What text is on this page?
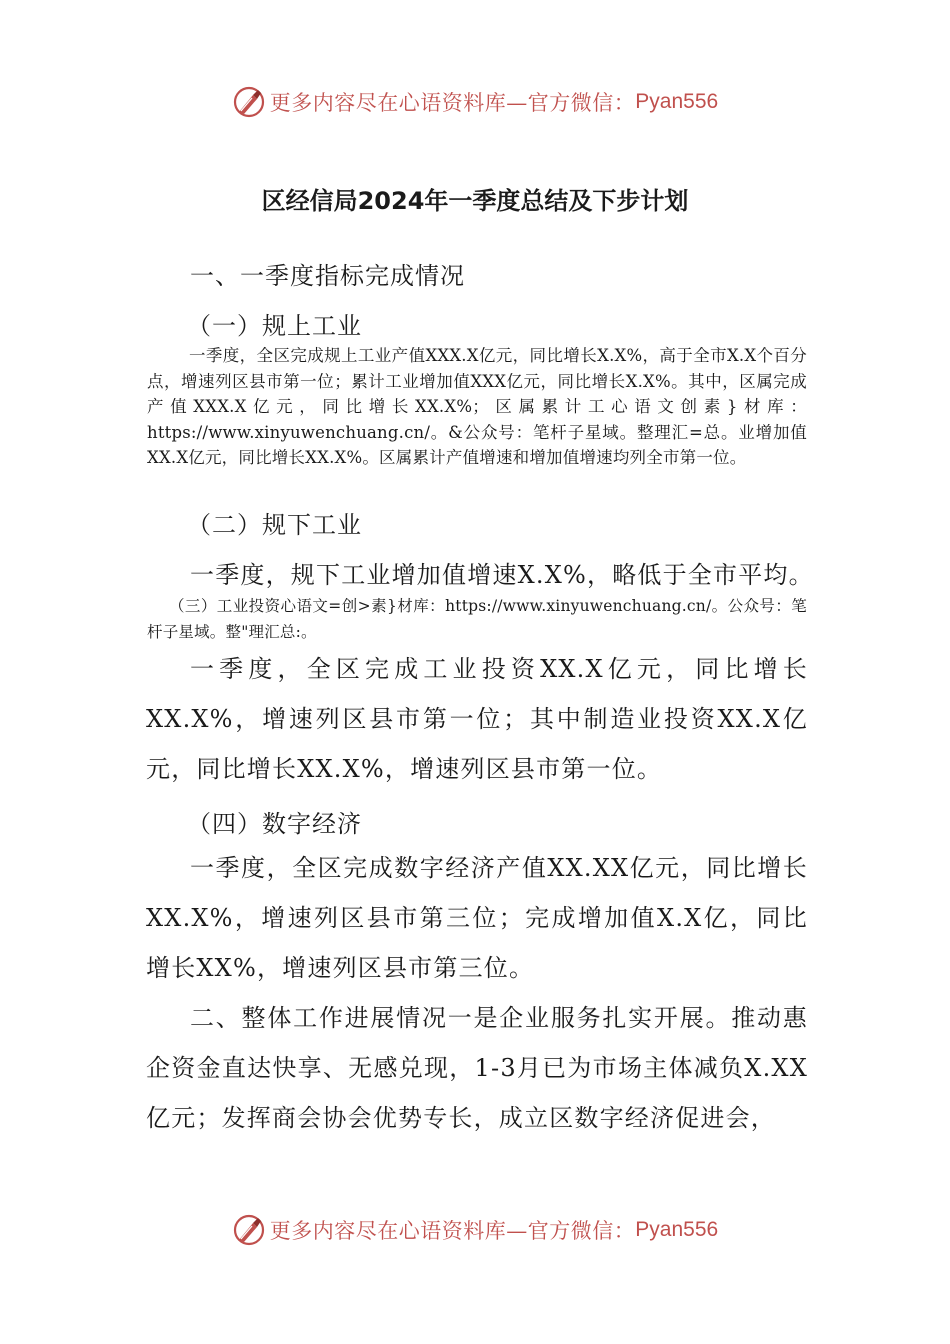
更多内容尽在心语资料库—官方微信： Pyan556
区经信局2024年一季度总结及下步计划
一、一季度指标完成情况
（一）规上工业
一季度，全区完成规上工业产值XXX.X亿元，同比增长X.X%，高于全市X.X个百分点，增速列区县市第一位；累计工业增加值XXX亿元，同比增长X.X%。其中，区属完成产值XXX.X亿元，同比增长XX.X%；区属累计工心语文创素}材库：https://www.xinyuwenchuang.cn/。&公众号：笔杆子星域。整理汇=总。业增加值XX.X亿元，同比增长XX.X%。区属累计产值增速和增加值增速均列全市第一位。
（二）规下工业
一季度，规下工业增加值增速X.X%，略低于全市平均。
（三）工业投资心语文=创>素}材库：https://www.xinyuwenchuang.cn/。公众号：笔杆子星域。整"理汇总:。
一季度，全区完成工业投资XX.X亿元，同比增长XX.X%，增速列区县市第一位；其中制造业投资XX.X亿元，同比增长XX.X%，增速列区县市第一位。
（四）数字经济
一季度，全区完成数字经济产值XX.XX亿元，同比增长XX.X%，增速列区县市第三位；完成增加值X.X亿，同比增长XX%，增速列区县市第三位。
二、整体工作进展情况一是企业服务扎实开展。推动惠企资金直达快享、无感兑现，1-3月已为市场主体减负X.XX亿元；发挥商会协会优势专长，成立区数字经济促进会，
更多内容尽在心语资料库—官方微信： Pyan556
